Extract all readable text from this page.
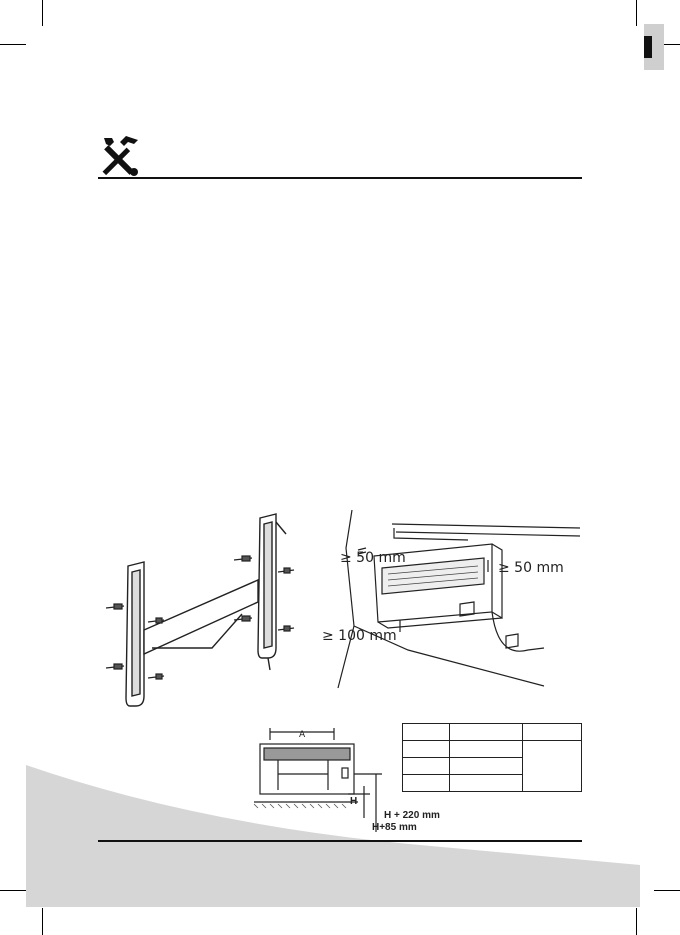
≥ 50 mm
≥ 50 mm
≥ 100 mm
A
H
H + 220 mm
H+85 mm
